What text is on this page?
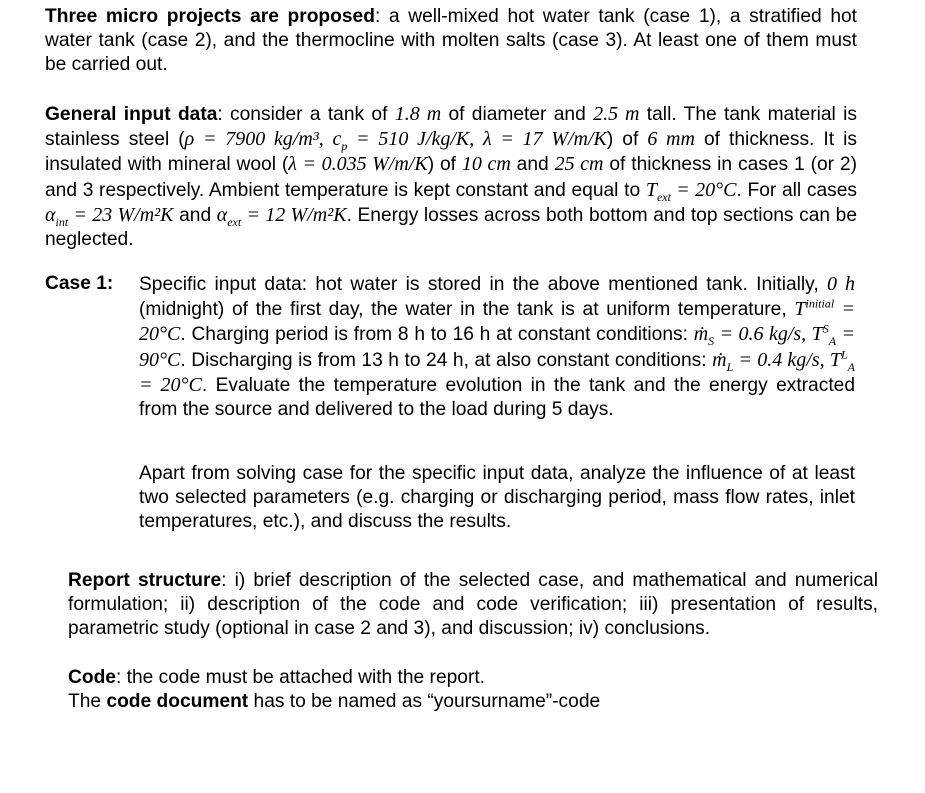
Three micro projects are proposed: a well-mixed hot water tank (case 1), a stratified hot water tank (case 2), and the thermocline with molten salts (case 3). At least one of them must be carried out.
General input data: consider a tank of 1.8 m of diameter and 2.5 m tall. The tank material is stainless steel (ρ = 7900 kg/m³, $c_p = 510$ J/kg/K, λ = 17 W/m/K) of 6 mm of thickness. It is insulated with mineral wool (λ = 0.035 W/m/K) of 10 cm and 25 cm of thickness in cases 1 (or 2) and 3 respectively. Ambient temperature is kept constant and equal to $T_{ext} = 20^\circ C$. For all cases $\alpha_{int} = 23$ W/m²K and $\alpha_{ext} = 12$ W/m²K. Energy losses across both bottom and top sections can be neglected.
Case 1: Specific input data: hot water is stored in the above mentioned tank. Initially, 0 h (midnight) of the first day, the water in the tank is at uniform temperature, $T^{initial} = 20^\circ C$. Charging period is from 8 h to 16 h at constant conditions: ṁ$_S$ = 0.6 kg/s, $T^S_A = 90^\circ C$. Discharging is from 13 h to 24 h, at also constant conditions: ṁ$_L$ = 0.4 kg/s, $T^L_A = 20^\circ C$. Evaluate the temperature evolution in the tank and the energy extracted from the source and delivered to the load during 5 days.
Apart from solving case for the specific input data, analyze the influence of at least two selected parameters (e.g. charging or discharging period, mass flow rates, inlet temperatures, etc.), and discuss the results.
Report structure: i) brief description of the selected case, and mathematical and numerical formulation; ii) description of the code and code verification; iii) presentation of results, parametric study (optional in case 2 and 3), and discussion; iv) conclusions.
Code: the code must be attached with the report.
The code document has to be named as “yoursurname”-code
